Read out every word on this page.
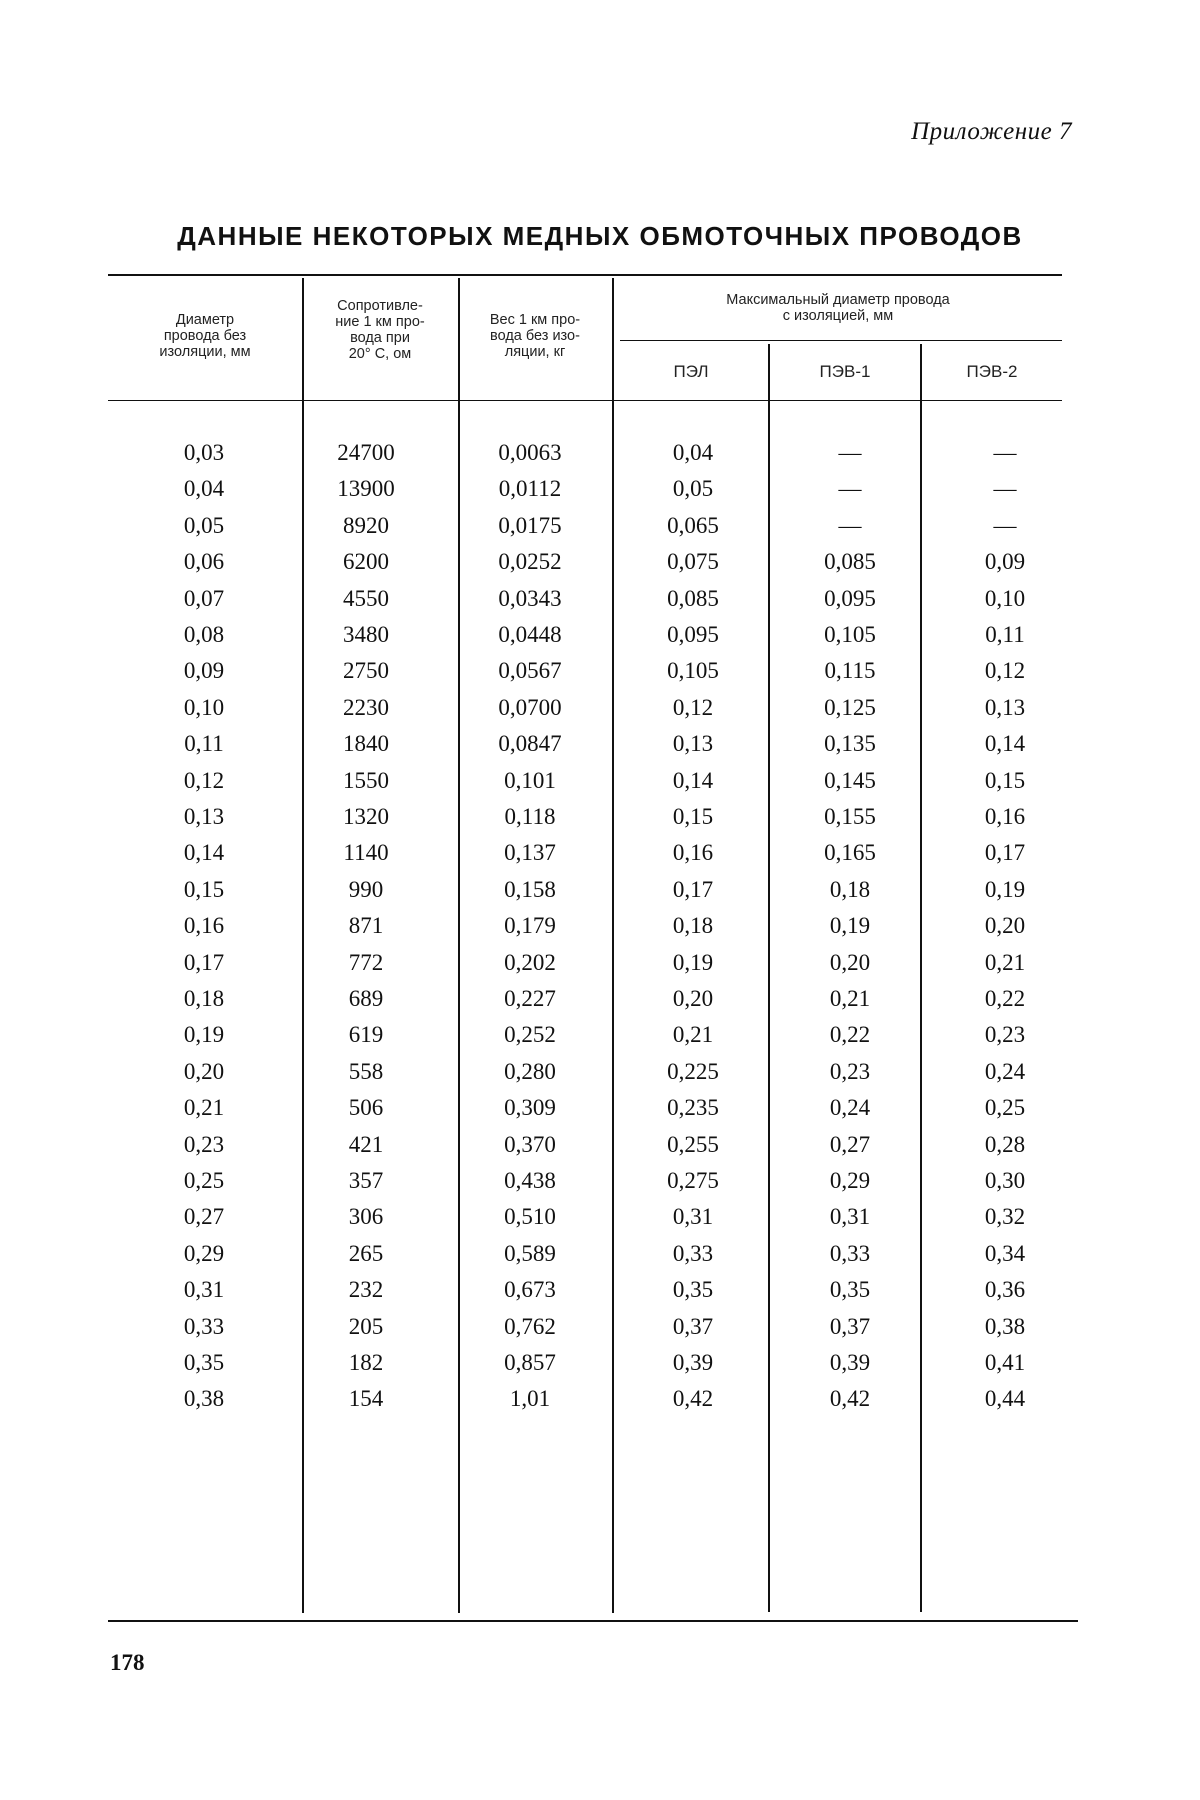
Приложение 7
ДАННЫЕ НЕКОТОРЫХ МЕДНЫХ ОБМОТОЧНЫХ ПРОВОДОВ
Диаметр
провода без
изоляции, мм
Сопротивле-
ние 1 км про-
вода при
20° С, ом
Вес 1 км про-
вода без изо-
ляции, кг
Максимальный диаметр провода
с изоляцией, мм
ПЭЛ	ПЭВ-1	ПЭВ-2
0,03	24700	0,0063	0,04	—	—
0,04	13900	0,0112	0,05	—	—
0,05	8920	0,0175	0,065	—	—
0,06	6200	0,0252	0,075	0,085	0,09
0,07	4550	0,0343	0,085	0,095	0,10
0,08	3480	0,0448	0,095	0,105	0,11
0,09	2750	0,0567	0,105	0,115	0,12
0,10	2230	0,0700	0,12	0,125	0,13
0,11	1840	0,0847	0,13	0,135	0,14
0,12	1550	0,101	0,14	0,145	0,15
0,13	1320	0,118	0,15	0,155	0,16
0,14	1140	0,137	0,16	0,165	0,17
0,15	990	0,158	0,17	0,18	0,19
0,16	871	0,179	0,18	0,19	0,20
0,17	772	0,202	0,19	0,20	0,21
0,18	689	0,227	0,20	0,21	0,22
0,19	619	0,252	0,21	0,22	0,23
0,20	558	0,280	0,225	0,23	0,24
0,21	506	0,309	0,235	0,24	0,25
0,23	421	0,370	0,255	0,27	0,28
0,25	357	0,438	0,275	0,29	0,30
0,27	306	0,510	0,31	0,31	0,32
0,29	265	0,589	0,33	0,33	0,34
0,31	232	0,673	0,35	0,35	0,36
0,33	205	0,762	0,37	0,37	0,38
0,35	182	0,857	0,39	0,39	0,41
0,38	154	1,01	0,42	0,42	0,44
178
